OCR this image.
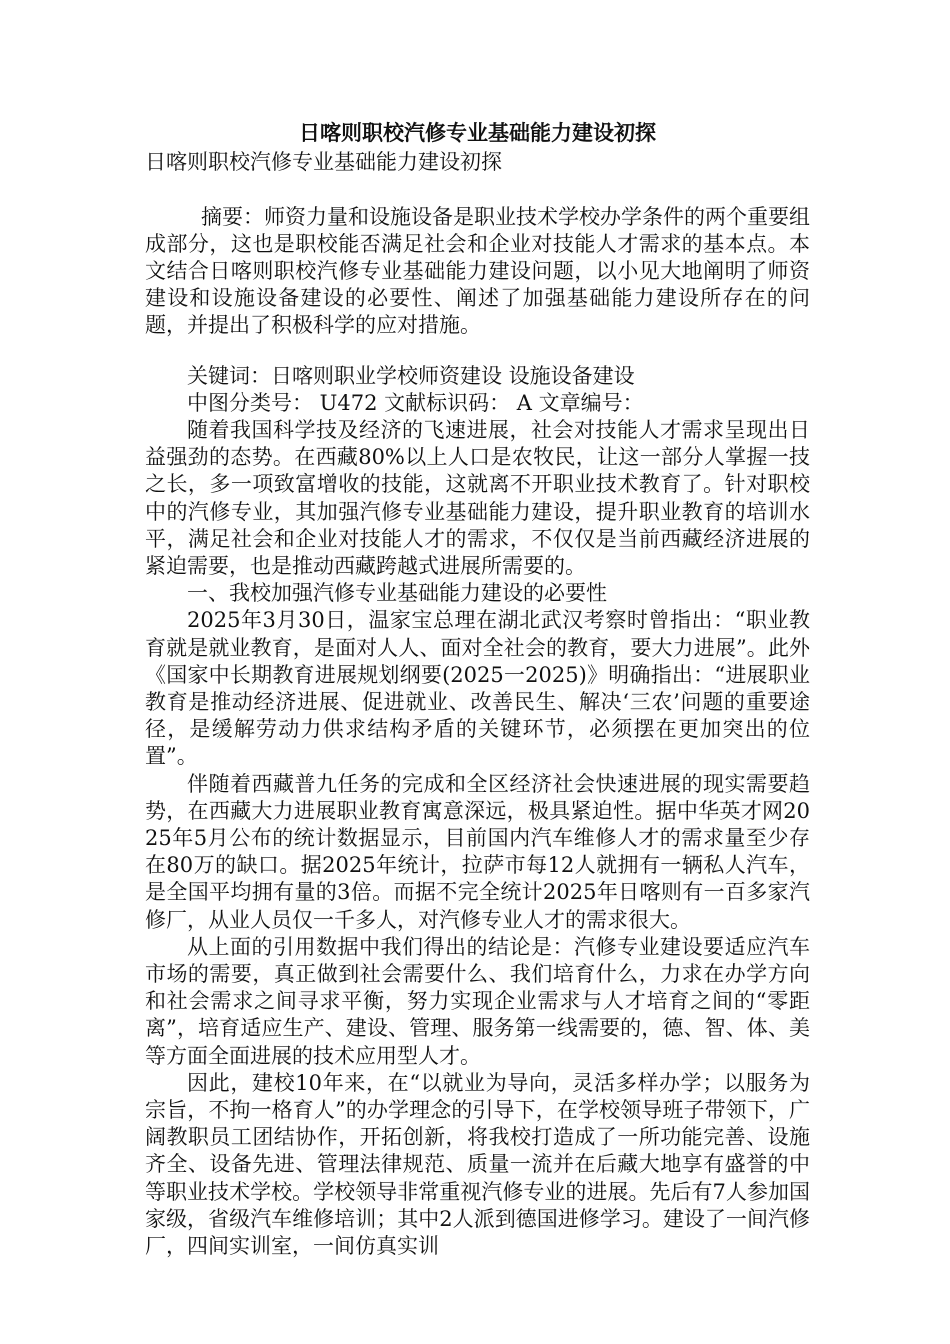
日喀则职校汽修专业基础能力建设初探
日喀则职校汽修专业基础能力建设初探

摘要：师资力量和设施设备是职业技术学校办学条件的两个重要组成部分，这也是职校能否满足社会和企业对技能人才需求的基本点。本文结合日喀则职校汽修专业基础能力建设问题，以小见大地阐明了师资建设和设施设备建设的必要性、阐述了加强基础能力建设所存在的问题，并提出了积极科学的应对措施。

关键词：日喀则职业学校师资建设 设施设备建设

中图分类号： U472 文献标识码： A 文章编号：

随着我国科学技及经济的飞速进展，社会对技能人才需求呈现出日益强劲的态势。在西藏80%以上人口是农牧民，让这一部分人掌握一技之长，多一项致富增收的技能，这就离不开职业技术教育了。针对职校中的汽修专业，其加强汽修专业基础能力建设，提升职业教育的培训水平，满足社会和企业对技能人才的需求，不仅仅是当前西藏经济进展的紧迫需要，也是推动西藏跨越式进展所需要的。

一、我校加强汽修专业基础能力建设的必要性

2025年3月30日，温家宝总理在湖北武汉考察时曾指出：“职业教育就是就业教育，是面对人人、面对全社会的教育，要大力进展”。此外《国家中长期教育进展规划纲要(2025一2025)》明确指出：“进展职业教育是推动经济进展、促进就业、改善民生、解决‘三农’问题的重要途径，是缓解劳动力供求结构矛盾的关键环节，必须摆在更加突出的位置”。

伴随着西藏普九任务的完成和全区经济社会快速进展的现实需要趋势，在西藏大力进展职业教育寓意深远，极具紧迫性。据中华英才网2025年5月公布的统计数据显示，目前国内汽车维修人才的需求量至少存在80万的缺口。据2025年统计，拉萨市每12人就拥有一辆私人汽车，是全国平均拥有量的3倍。而据不完全统计2025年日喀则有一百多家汽修厂，从业人员仅一千多人，对汽修专业人才的需求很大。

从上面的引用数据中我们得出的结论是：汽修专业建设要适应汽车市场的需要，真正做到社会需要什么、我们培育什么，力求在办学方向和社会需求之间寻求平衡，努力实现企业需求与人才培育之间的“零距离”，培育适应生产、建设、管理、服务第一线需要的，德、智、体、美等方面全面进展的技术应用型人才。

因此，建校10年来，在“以就业为导向，灵活多样办学；以服务为宗旨，不拘一格育人”的办学理念的引导下，在学校领导班子带领下，广阔教职员工团结协作，开拓创新，将我校打造成了一所功能完善、设施齐全、设备先进、管理法律规范、质量一流并在后藏大地享有盛誉的中等职业技术学校。学校领导非常重视汽修专业的进展。先后有7人参加国家级，省级汽车维修培训；其中2人派到德国进修学习。建设了一间汽修厂，四间实训室，一间仿真实训
